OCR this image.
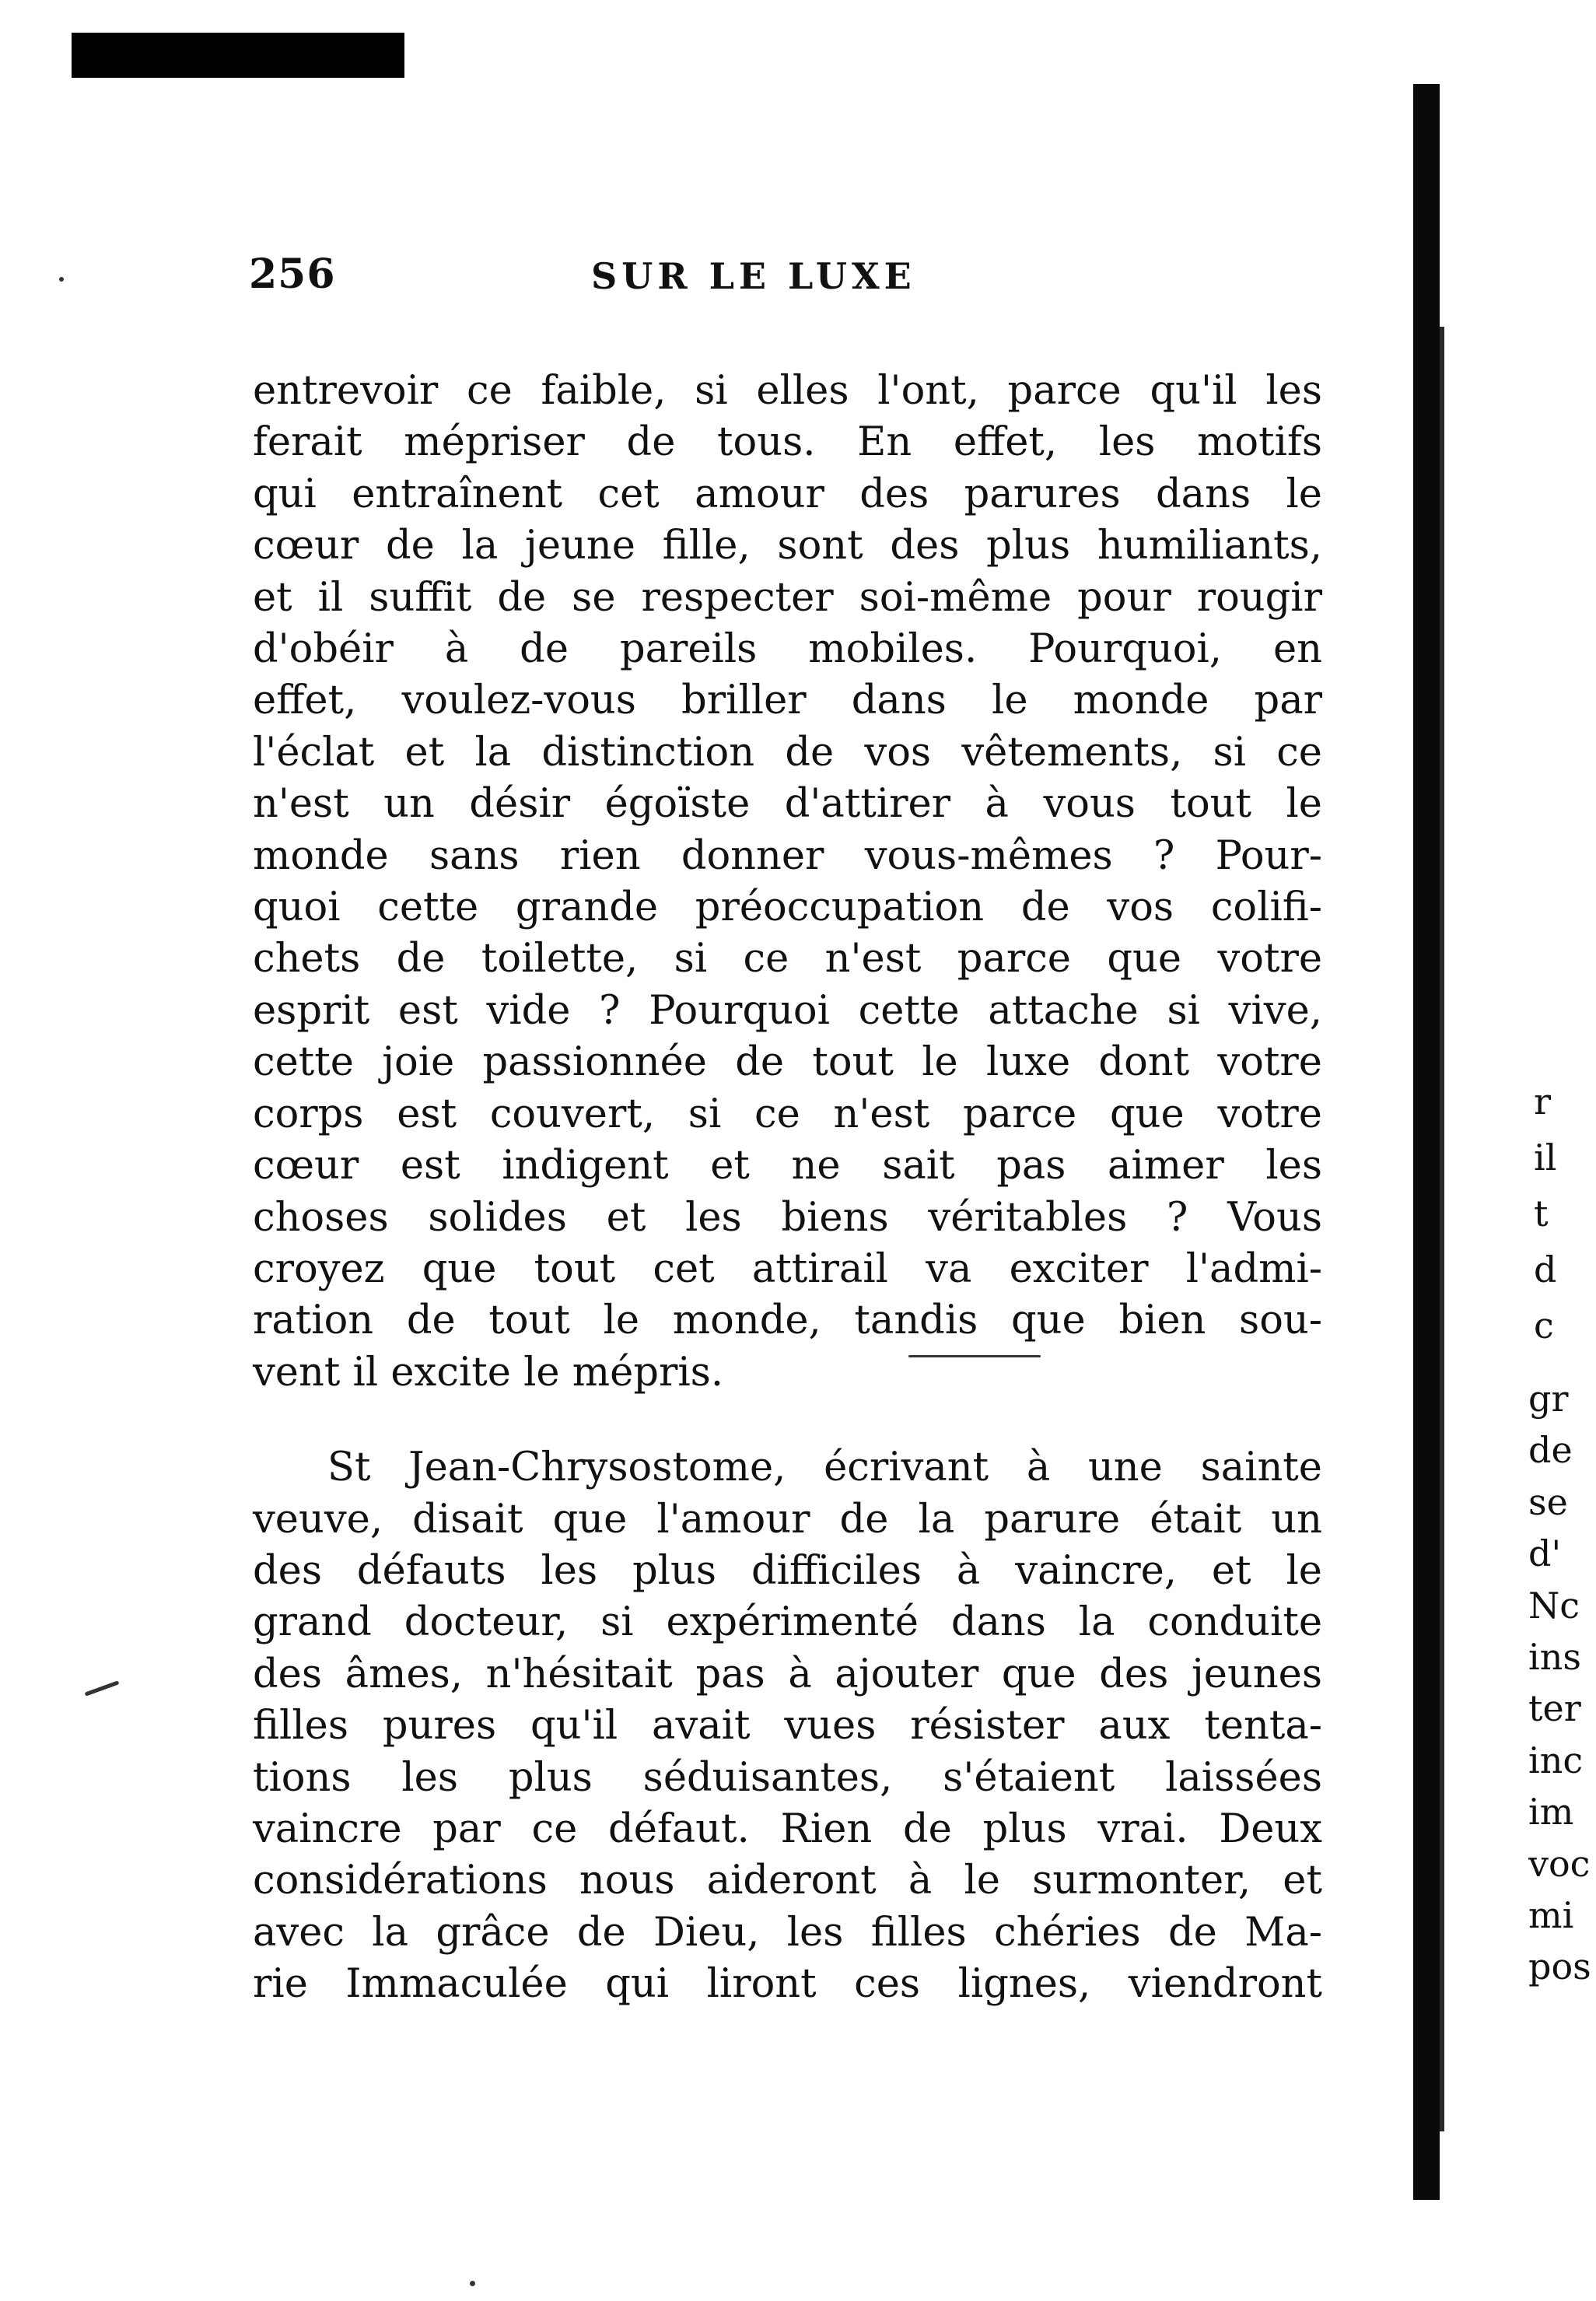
256	SUR LE LUXE
entrevoir ce faible, si elles l'ont, parce qu'il les
ferait mépriser de tous. En effet, les motifs
qui entraînent cet amour des parures dans le
cœur de la jeune fille, sont des plus humiliants,
et il suffit de se respecter soi-même pour rougir
d'obéir à de pareils mobiles. Pourquoi, en
effet, voulez-vous briller dans le monde par
l'éclat et la distinction de vos vêtements, si ce
n'est un désir égoïste d'attirer à vous tout le
monde sans rien donner vous-mêmes ? Pour-
quoi cette grande préoccupation de vos colifi-
chets de toilette, si ce n'est parce que votre
esprit est vide ? Pourquoi cette attache si vive,
cette joie passionnée de tout le luxe dont votre
corps est couvert, si ce n'est parce que votre
cœur est indigent et ne sait pas aimer les
choses solides et les biens véritables ? Vous
croyez que tout cet attirail va exciter l'admi-
ration de tout le monde, tandis que bien sou-
vent il excite le mépris.
St Jean-Chrysostome, écrivant à une sainte
veuve, disait que l'amour de la parure était un
des défauts les plus difficiles à vaincre, et le
grand docteur, si expérimenté dans la conduite
des âmes, n'hésitait pas à ajouter que des jeunes
filles pures qu'il avait vues résister aux tenta-
tions les plus séduisantes, s'étaient laissées
vaincre par ce défaut. Rien de plus vrai. Deux
considérations nous aideront à le surmonter, et
avec la grâce de Dieu, les filles chéries de Ma-
rie Immaculée qui liront ces lignes, viendront
r
il
t
d
c
gr
de
se
d'
Nc
ins
ter
inc
im
voc
mi
pos
